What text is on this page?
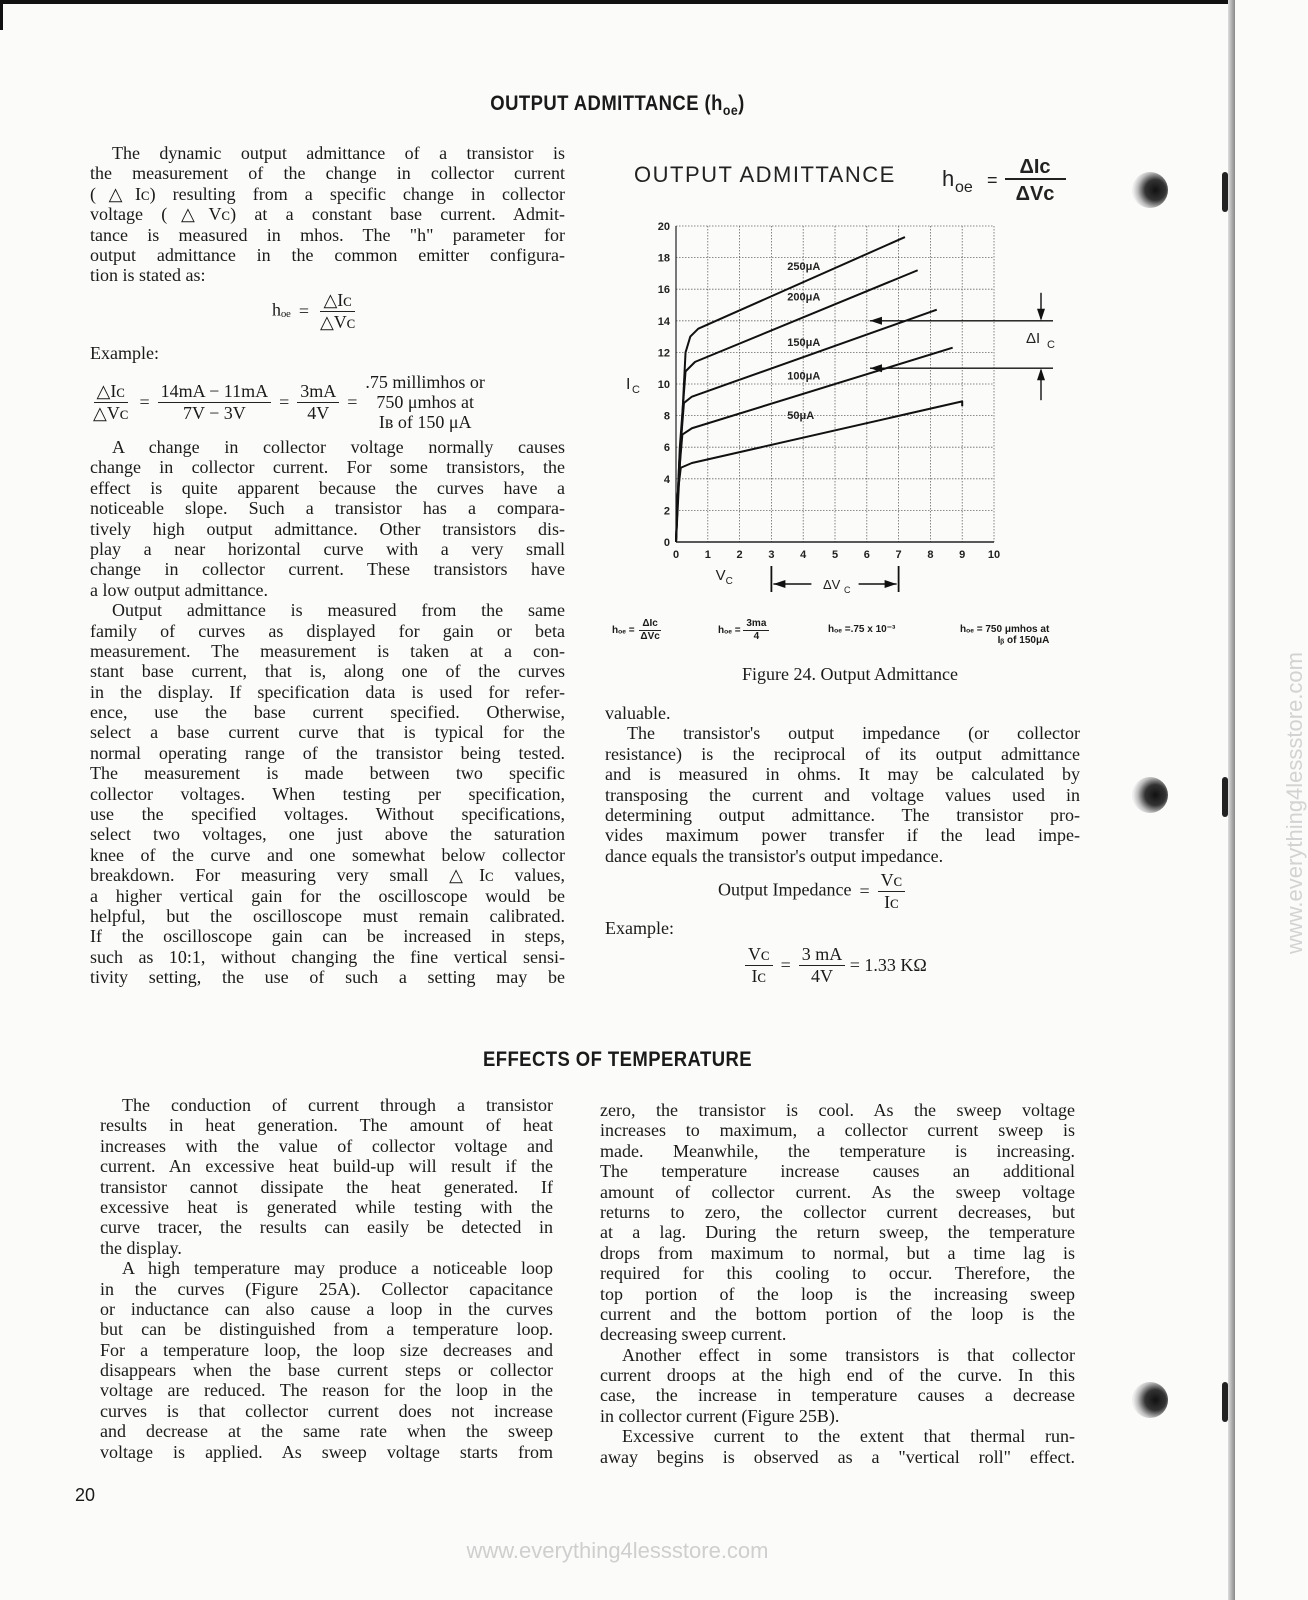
OUTPUT ADMITTANCE $(h_{oe})$
The dynamic output admittance of a transistor is
the measurement of the change in collector current
(△Iᴄ) resulting from a specific change in collector
voltage (△Vᴄ) at a constant base current. Admit-
tance is measured in mhos. The "h" parameter for
output admittance in the common emitter configura-
tion is stated as:
$h_{oe} = \frac{\text{△Iᴄ}}{\text{△Vᴄ}}$
Example:
$\frac{\text{△Iᴄ}}{\text{△Vᴄ}} = \frac{14mA - 11mA}{7V - 3V} = \frac{3mA}{4V}$ =
.75 millimhos or
750 μmhos at
Iʙ of 150 μA
A change in collector voltage normally causes
change in collector current. For some transistors, the
effect is quite apparent because the curves have a
noticeable slope. Such a transistor has a compara-
tively high output admittance. Other transistors dis-
play a near horizontal curve with a very small
change in collector current. These transistors have
a low output admittance.
Output admittance is measured from the same
family of curves as displayed for gain or beta
measurement. The measurement is taken at a con-
stant base current, that is, along one of the curves
in the display. If specification data is used for refer-
ence, use the base current specified. Otherwise,
select a base current curve that is typical for the
normal operating range of the transistor being tested.
The measurement is made between two specific
collector voltages. When testing per specification,
use the specified voltages. Without specifications,
select two voltages, one just above the saturation
knee of the curve and one somewhat below collector
breakdown. For measuring very small △Iᴄ values,
a higher vertical gain for the oscilloscope would be
helpful, but the oscilloscope must remain calibrated.
If the oscilloscope gain can be increased in steps,
such as 10:1, without changing the fine vertical sensi-
tivity setting, the use of such a setting may be
OUTPUT ADMITTANCE h oe =
ΔIc
ΔVc
0 1 2 3 4 5 6 7 8 9 10
0
2
4
6
8
10
12
14
16
18
20
I C
V C
250μA
200μA
150μA
100μA
50μA
ΔI C
ΔV C
$h_{oe} = \frac{\text{ΔIc}}{\text{ΔVc}}$	$h_{oe} = \frac{3ma}{4}$	hₒₑ =.75 x 10⁻³	hₒₑ = 750 μmhos at
Iᵦ of 150μA
Figure 24. Output Admittance
valuable.
The transistor's output impedance (or collector
resistance) is the reciprocal of its output admittance
and is measured in ohms. It may be calculated by
transposing the current and voltage values used in
determining output admittance. The transistor pro-
vides maximum power transfer if the lead impe-
dance equals the transistor's output impedance.
Output Impedance = $\frac{\text{Vᴄ}}{\text{Iᴄ}}$
Example:
$\frac{\text{Vᴄ}}{\text{Iᴄ}} = \frac{3 mA}{4V} = 1.33$ KΩ
EFFECTS OF TEMPERATURE
The conduction of current through a transistor
results in heat generation. The amount of heat
increases with the value of collector voltage and
current. An excessive heat build-up will result if the
transistor cannot dissipate the heat generated. If
excessive heat is generated while testing with the
curve tracer, the results can easily be detected in
the display.
A high temperature may produce a noticeable loop
in the curves (Figure 25A). Collector capacitance
or inductance can also cause a loop in the curves
but can be distinguished from a temperature loop.
For a temperature loop, the loop size decreases and
disappears when the base current steps or collector
voltage are reduced. The reason for the loop in the
curves is that collector current does not increase
and decrease at the same rate when the sweep
voltage is applied. As sweep voltage starts from
zero, the transistor is cool. As the sweep voltage
increases to maximum, a collector current sweep is
made. Meanwhile, the temperature is increasing.
The temperature increase causes an additional
amount of collector current. As the sweep voltage
returns to zero, the collector current decreases, but
at a lag. During the return sweep, the temperature
drops from maximum to normal, but a time lag is
required for this cooling to occur. Therefore, the
top portion of the loop is the increasing sweep
current and the bottom portion of the loop is the
decreasing sweep current.
Another effect in some transistors is that collector
current droops at the high end of the curve. In this
case, the increase in temperature causes a decrease
in collector current (Figure 25B).
Excessive current to the extent that thermal run-
away begins is observed as a "vertical roll" effect.
20
www.everything4lessstore.com
www.everything4lessstore.com
